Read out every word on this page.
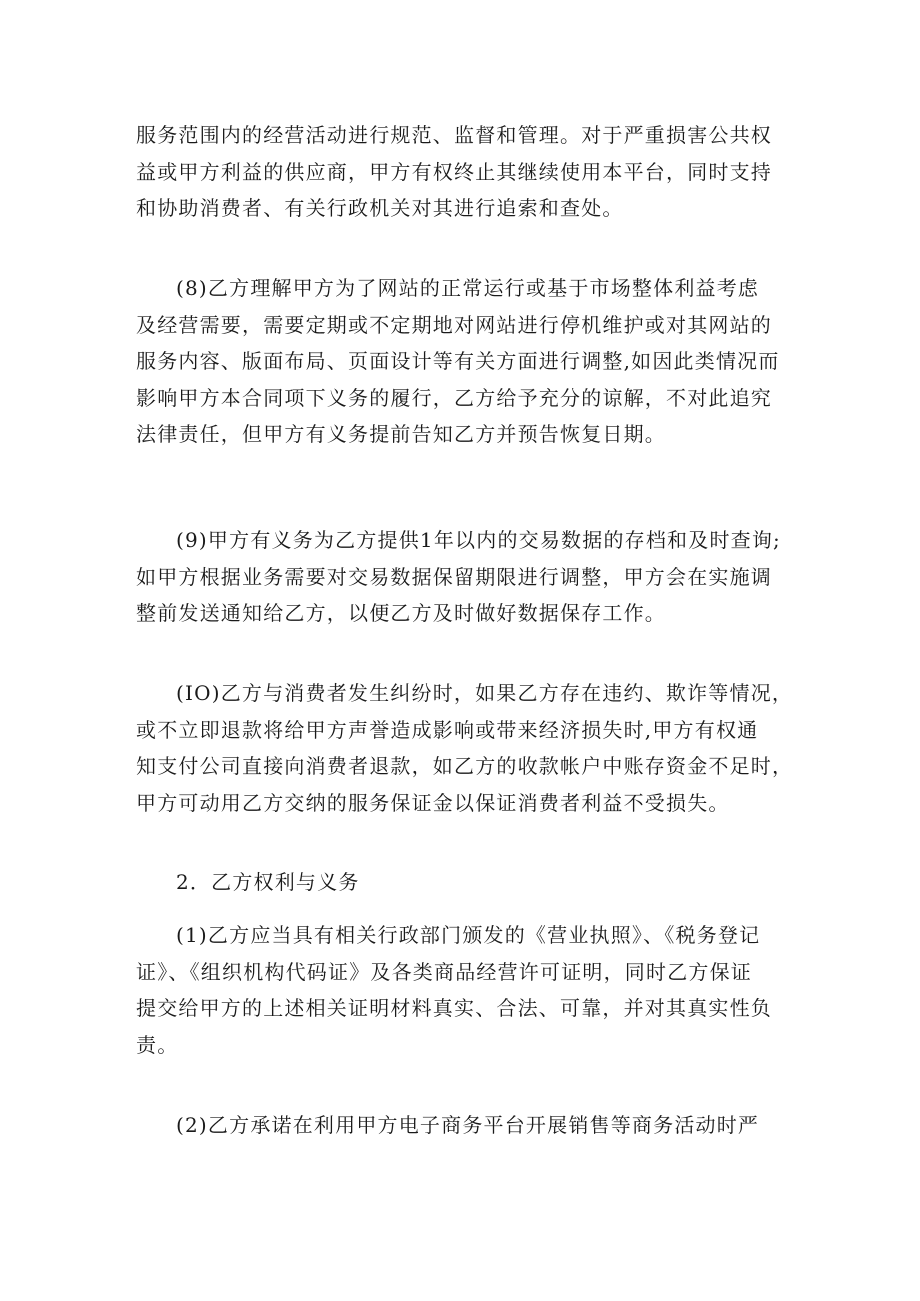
服务范围内的经营活动进行规范、监督和管理。对于严重损害公共权
益或甲方利益的供应商，甲方有权终止其继续使用本平台，同时支持
和协助消费者、有关行政机关对其进行追索和查处。
(8)乙方理解甲方为了网站的正常运行或基于市场整体利益考虑
及经营需要，需要定期或不定期地对网站进行停机维护或对其网站的
服务内容、版面布局、页面设计等有关方面进行调整,如因此类情况而
影响甲方本合同项下义务的履行，乙方给予充分的谅解，不对此追究
法律责任，但甲方有义务提前告知乙方并预告恢复日期。
(9)甲方有义务为乙方提供1年以内的交易数据的存档和及时查询;
如甲方根据业务需要对交易数据保留期限进行调整，甲方会在实施调
整前发送通知给乙方，以便乙方及时做好数据保存工作。
(IO)乙方与消费者发生纠纷时，如果乙方存在违约、欺诈等情况，
或不立即退款将给甲方声誉造成影响或带来经济损失时,甲方有权通
知支付公司直接向消费者退款，如乙方的收款帐户中账存资金不足时，
甲方可动用乙方交纳的服务保证金以保证消费者利益不受损失。
2．乙方权利与义务
(1)乙方应当具有相关行政部门颁发的《营业执照》、《税务登记
证》、《组织机构代码证》及各类商品经营许可证明，同时乙方保证
提交给甲方的上述相关证明材料真实、合法、可靠，并对其真实性负
责。
(2)乙方承诺在利用甲方电子商务平台开展销售等商务活动时严
